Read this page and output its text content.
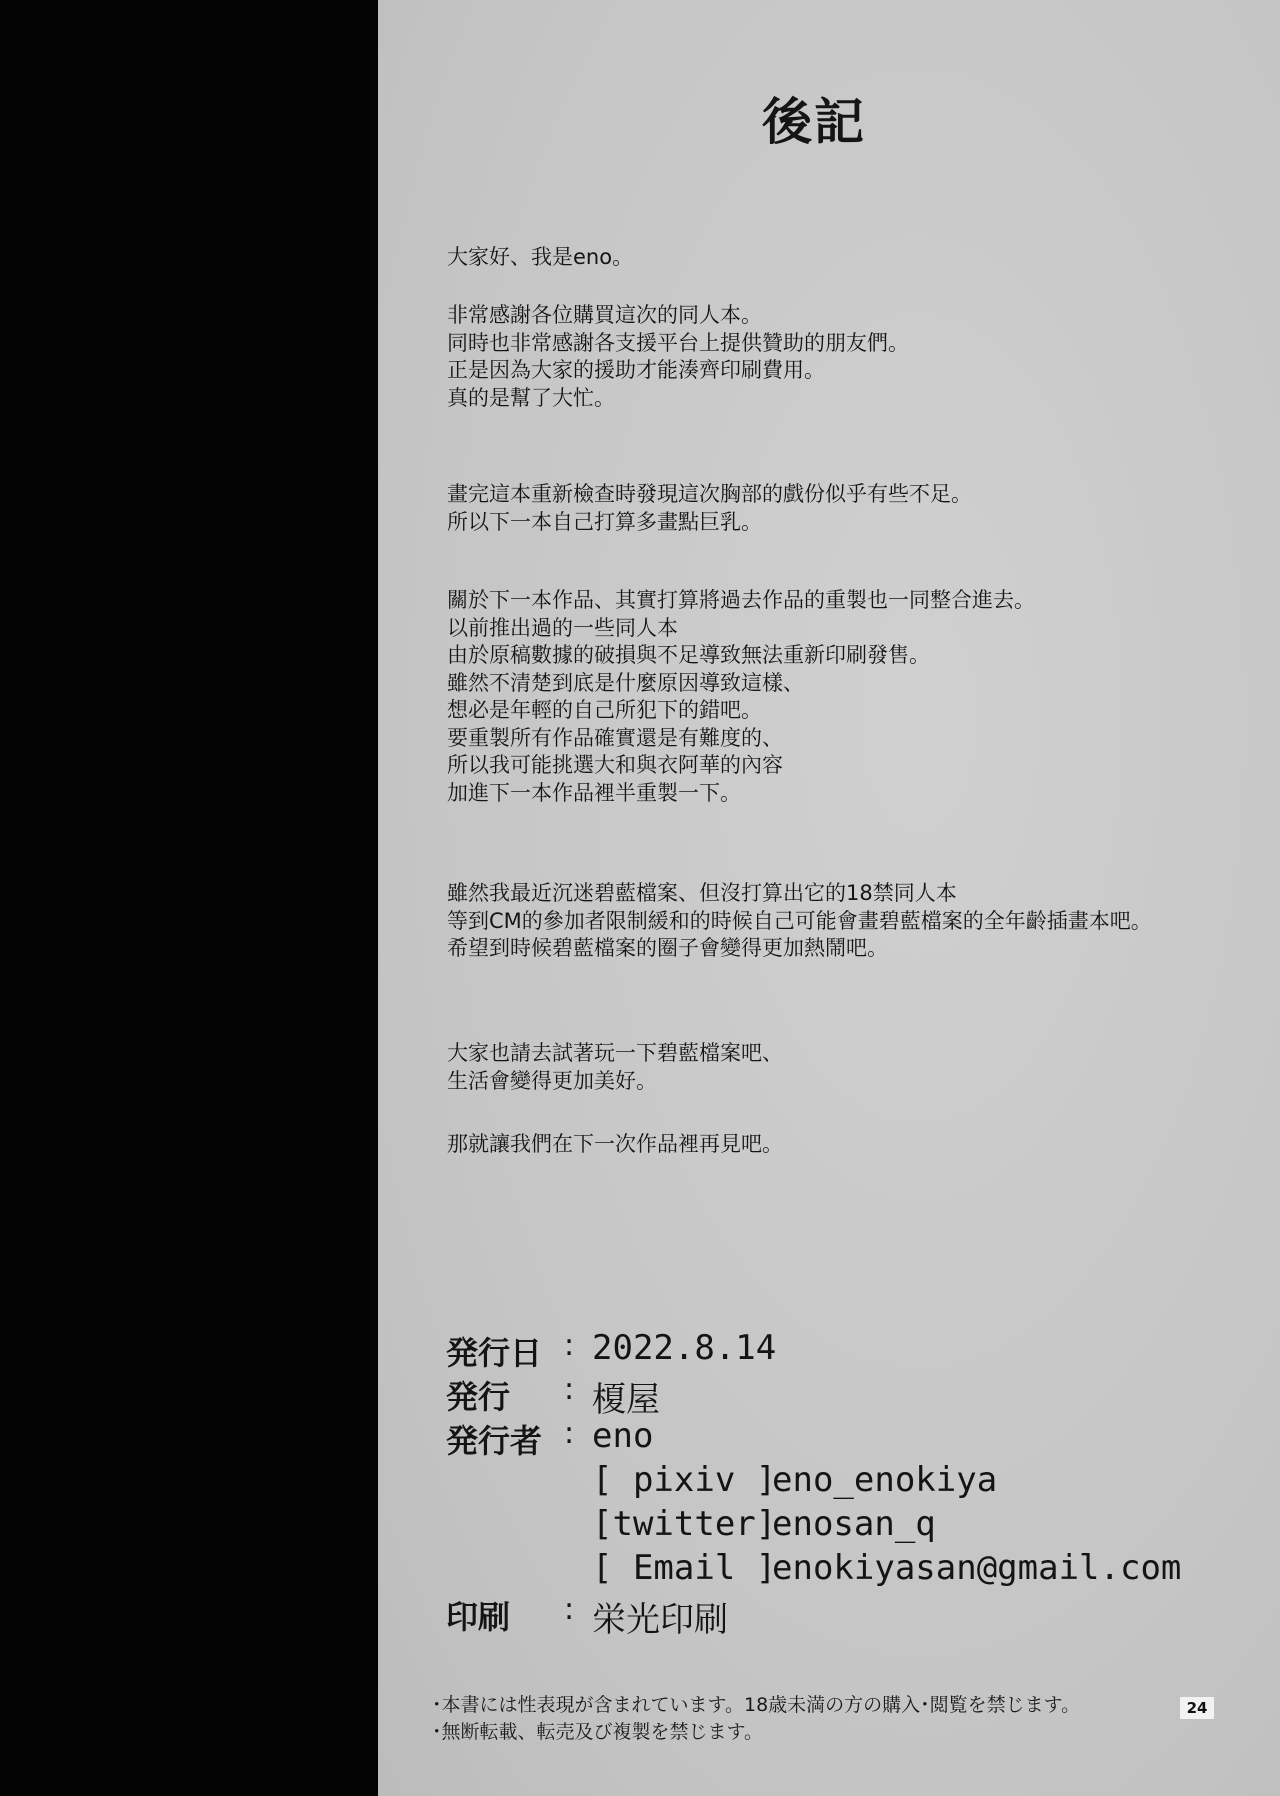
後記
大家好、我是eno。
非常感謝各位購買這次的同人本。
同時也非常感謝各支援平台上提供贊助的朋友們。
正是因為大家的援助才能湊齊印刷費用。
真的是幫了大忙。
畫完這本重新檢查時發現這次胸部的戲份似乎有些不足。
所以下一本自己打算多畫點巨乳。
關於下一本作品、其實打算將過去作品的重製也一同整合進去。
以前推出過的一些同人本
由於原稿數據的破損與不足導致無法重新印刷發售。
雖然不清楚到底是什麼原因導致這樣、
想必是年輕的自己所犯下的錯吧。
要重製所有作品確實還是有難度的、
所以我可能挑選大和與衣阿華的內容
加進下一本作品裡半重製一下。
雖然我最近沉迷碧藍檔案、但沒打算出它的18禁同人本
等到CM的參加者限制緩和的時候自己可能會畫碧藍檔案的全年齡插畫本吧。
希望到時候碧藍檔案的圈子會變得更加熱鬧吧。
大家也請去試著玩一下碧藍檔案吧、
生活會變得更加美好。
那就讓我們在下一次作品裡再見吧。
発行日 : 2022.8.14
発行 : 榎屋
発行者 : eno
[ pixiv ]
eno_enokiya
[twitter]
enosan_q
[ Email ]
enokiyasan@gmail.com
印刷 : 栄光印刷
･本書には性表現が含まれています。18歳未満の方の購入･閲覧を禁じます。
･無断転載、転売及び複製を禁じます。
24
